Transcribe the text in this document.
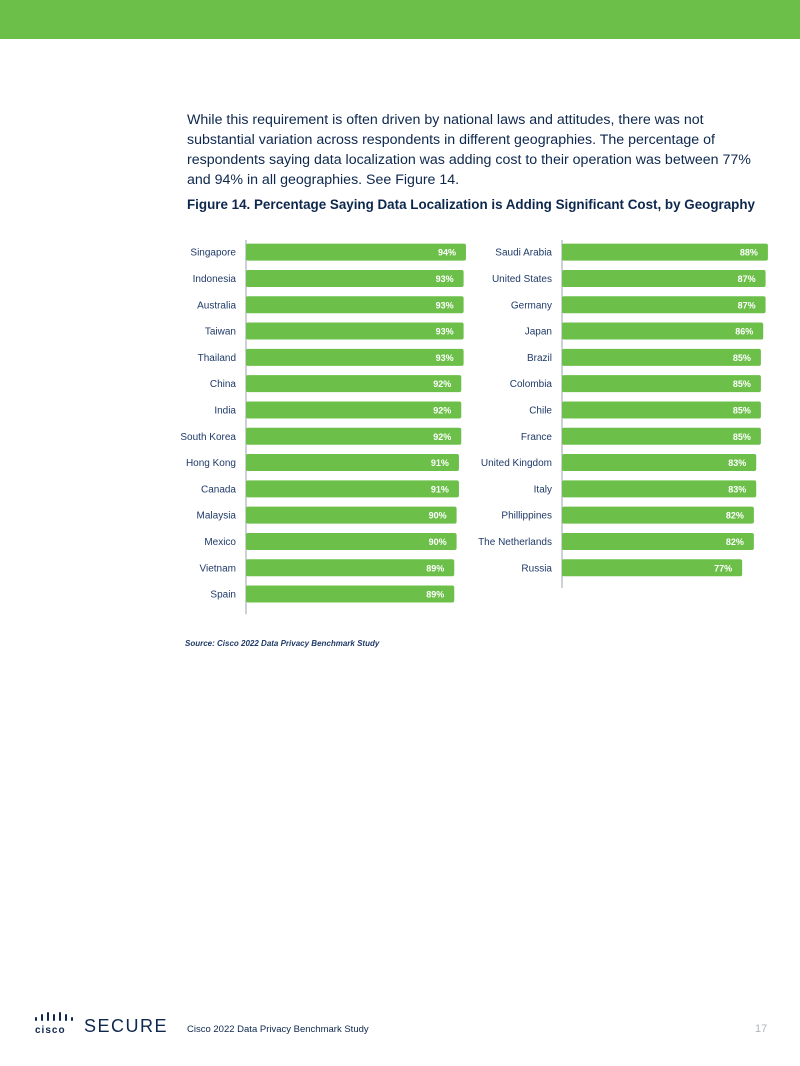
While this requirement is often driven by national laws and attitudes, there was not substantial variation across respondents in different geographies. The percentage of respondents saying data localization was adding cost to their operation was between 77% and 94% in all geographies. See Figure 14.

Figure 14. Percentage Saying Data Localization is Adding Significant Cost, by Geography
Singapore	94%
Indonesia	93%
Australia	93%
Taiwan	93%
Thailand	93%
China	92%
India	92%
South Korea	92%
Hong Kong	91%
Canada	91%
Malaysia	90%
Mexico	90%
Vietnam	89%
Spain	89%
Saudi Arabia	88%
United States	87%
Germany	87%
Japan	86%
Brazil	85%
Colombia	85%
Chile	85%
France	85%
United Kingdom	83%
Italy	83%
Phillippines	82%
The Netherlands	82%
Russia	77%
Source: Cisco 2022 Data Privacy Benchmark Study
cisco SECURE Cisco 2022 Data Privacy Benchmark Study	17
